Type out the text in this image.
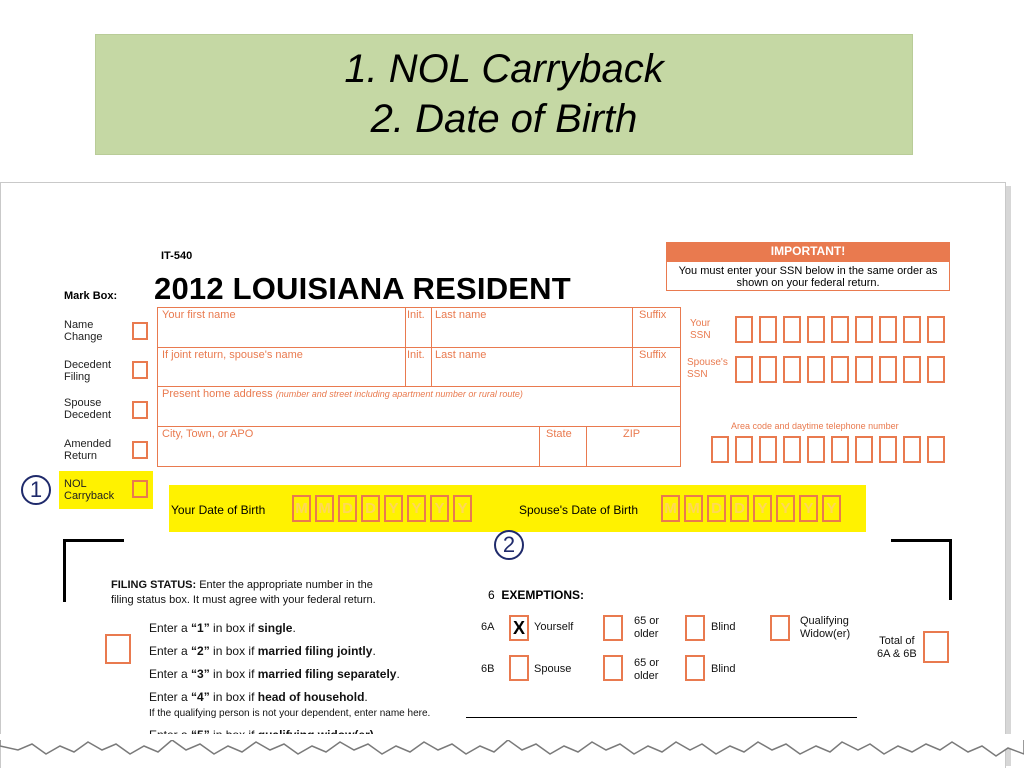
1. NOL Carryback
2. Date of Birth
IT-540
2012 LOUISIANA RESIDENT
Mark Box:
Name
Change
Decedent
Filing
Spouse
Decedent
Amended
Return
NOL
Carryback
1
Your first name	Init. Last name	Suffix
If joint return, spouse's name	Init. Last name	Suffix
Present home address (number and street including apartment number or rural route)
City, Town, or APO	State	ZIP
IMPORTANT!
You must enter your SSN below in the same order as shown on your federal return.
Your
SSN
Spouse's
SSN
Area code and daytime telephone number
Your Date of Birth	Spouse's Date of Birth
M M D D Y Y Y Y	M M D D Y Y Y Y
2
FILING STATUS: Enter the appropriate number in the
filing status box. It must agree with your federal return.
Enter a “1” in box if single.
Enter a “2” in box if married filing jointly.
Enter a “3” in box if married filing separately.
Enter a “4” in box if head of household.
If the qualifying person is not your dependent, enter name here.
6 EXEMPTIONS:
6A X Yourself	65 or
older
Blind	Qualifying
Widow(er)
6B	Spouse	65 or
older
Blind
Total of
6A & 6B
